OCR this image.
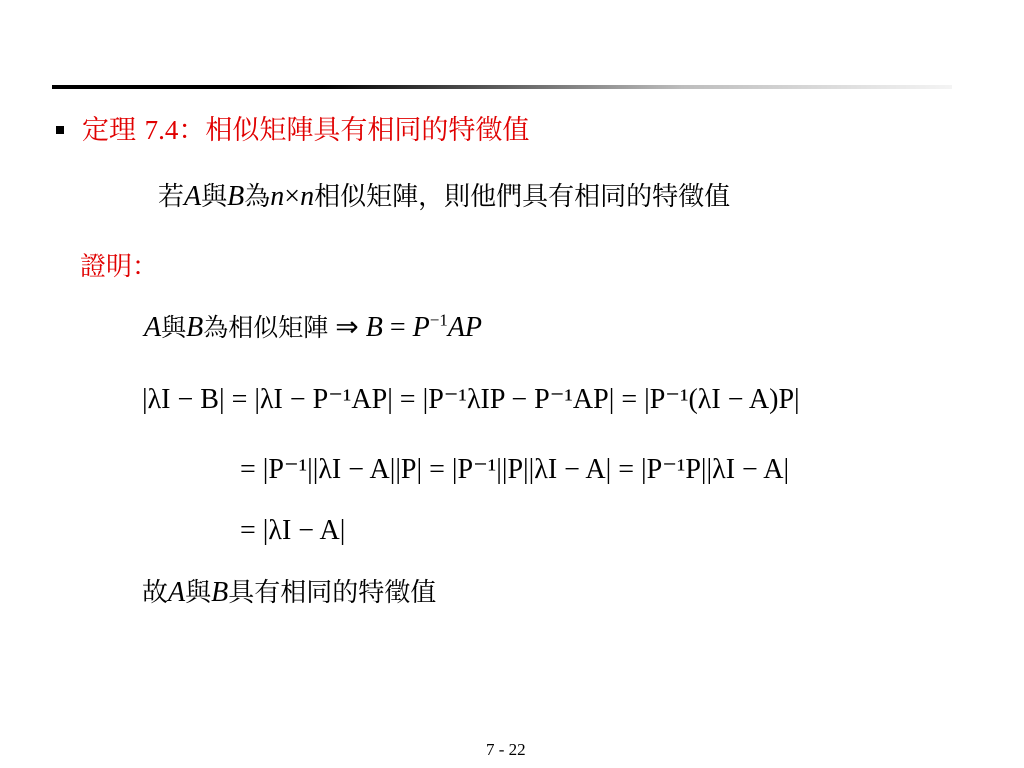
定理 7.4：相似矩陣具有相同的特徵值
若A與B為n×n相似矩陣，則他們具有相同的特徵值
證明：
A與B為相似矩陣 ⇒ $B = P^{-1}AP$
|λI − B| = |λI − P⁻¹AP| = |P⁻¹λIP − P⁻¹AP| = |P⁻¹(λI − A)P|
= |P⁻¹||λI − A||P| = |P⁻¹||P||λI − A| = |P⁻¹P||λI − A|
= |λI − A|
故A與B具有相同的特徵值
7 - 22
